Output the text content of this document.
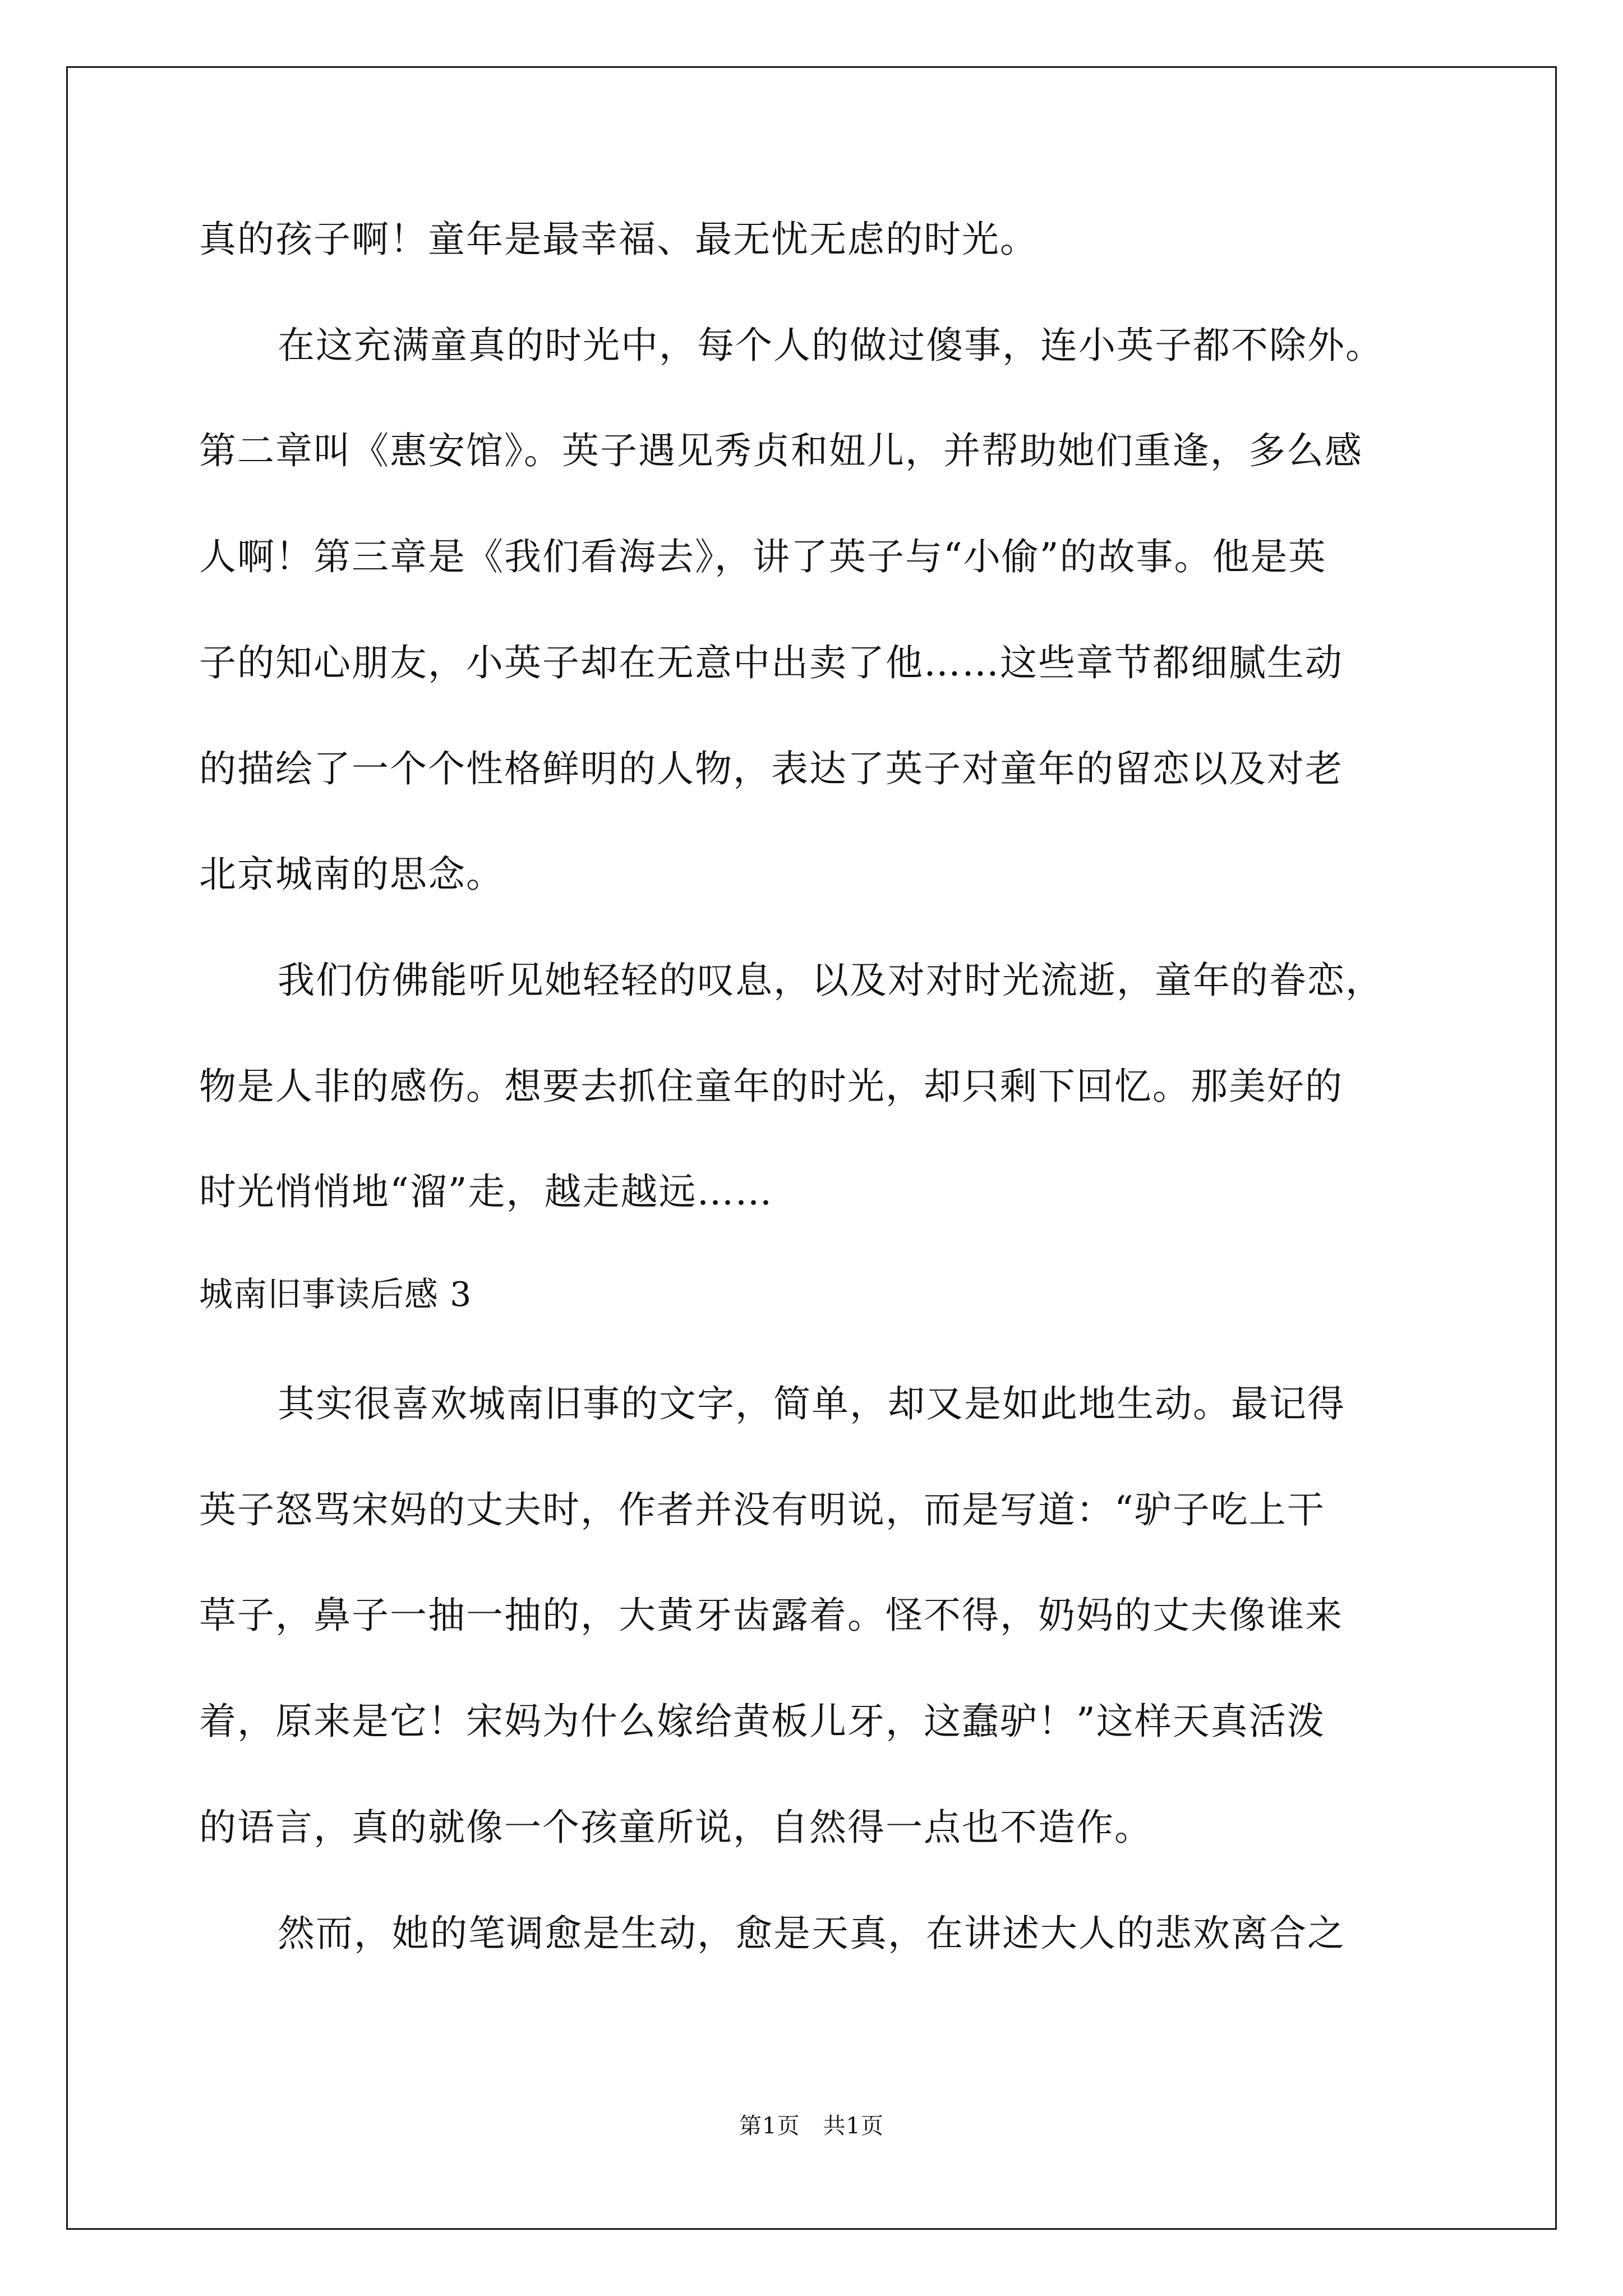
真的孩子啊！童年是最幸福、最无忧无虑的时光。
在这充满童真的时光中，每个人的做过傻事，连小英子都不除外。
第二章叫《惠安馆》。英子遇见秀贞和妞儿，并帮助她们重逢，多么感
人啊！第三章是《我们看海去》，讲了英子与“小偷”的故事。他是英
子的知心朋友，小英子却在无意中出卖了他……这些章节都细腻生动
的描绘了一个个性格鲜明的人物，表达了英子对童年的留恋以及对老
北京城南的思念。
我们仿佛能听见她轻轻的叹息，以及对对时光流逝，童年的眷恋，
物是人非的感伤。想要去抓住童年的时光，却只剩下回忆。那美好的
时光悄悄地“溜”走，越走越远……
城南旧事读后感 3
其实很喜欢城南旧事的文字，简单，却又是如此地生动。最记得
英子怒骂宋妈的丈夫时，作者并没有明说，而是写道：“驴子吃上干
草子，鼻子一抽一抽的，大黄牙齿露着。怪不得，奶妈的丈夫像谁来
着，原来是它！宋妈为什么嫁给黄板儿牙，这蠢驴！”这样天真活泼
的语言，真的就像一个孩童所说，自然得一点也不造作。
然而，她的笔调愈是生动，愈是天真，在讲述大人的悲欢离合之
第1页　共1页
